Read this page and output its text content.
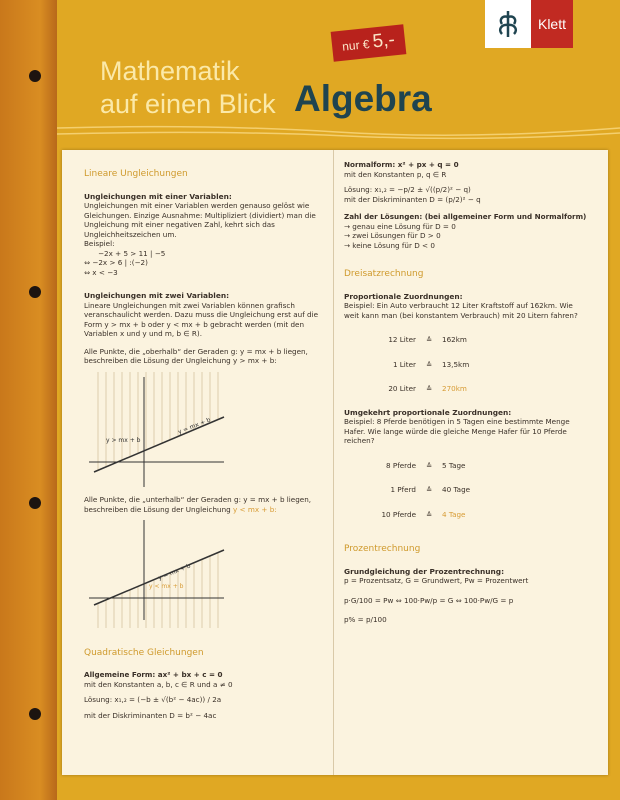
Klett
nur € 5,-
Mathematik
auf einen Blick Algebra
Lineare Ungleichungen
Ungleichungen mit einer Variablen:

Ungleichungen mit einer Variablen werden genauso gelöst wie Gleichungen. Einzige Ausnahme: Multipliziert (dividiert) man die Ungleichung mit einer negativen Zahl, kehrt sich das Ungleichheitszeichen um.

Beispiel:

−2x + 5 > 11 | −5

⇔ −2x > 6 | :(−2)

⇔ x < −3

Ungleichungen mit zwei Variablen:

Lineare Ungleichungen mit zwei Variablen können grafisch veranschaulicht werden. Dazu muss die Ungleichung erst auf die Form y > mx + b oder y < mx + b gebracht werden (mit den Variablen x und y und m, b ∈ R).

Alle Punkte, die „oberhalb“ der Geraden g: y = mx + b liegen, beschreiben die Lösung der Ungleichung y > mx + b:

y > mx + b
y = mx + b

Alle Punkte, die „unterhalb“ der Geraden g: y = mx + b liegen, beschreiben die Lösung der Ungleichung y < mx + b:

y = mx + b
y < mx + b
Quadratische Gleichungen

Allgemeine Form: ax² + bx + c = 0

mit den Konstanten a, b, c ∈ R und a ≠ 0

Lösung: x₁,₂ = (−b ± √(b² − 4ac)) / 2a

mit der Diskriminanten D = b² − 4ac

Normalform: x² + px + q = 0

mit den Konstanten p, q ∈ R

Lösung: x₁,₂ = −p/2 ± √((p/2)² − q)

mit der Diskriminanten D = (p/2)² − q

Zahl der Lösungen: (bei allgemeiner Form und Normalform)

→ genau eine Lösung für D = 0

→ zwei Lösungen für D > 0

→ keine Lösung für D < 0

Dreisatzrechnung
Proportionale Zuordnungen:

Beispiel: Ein Auto verbraucht 12 Liter Kraftstoff auf 162km. Wie weit kann man (bei konstantem Verbrauch) mit 20 Litern fahren?

12 Liter ≙ 162km
1 Liter ≙ 13,5km
20 Liter ≙ 270km
Umgekehrt proportionale Zuordnungen:

Beispiel: 8 Pferde benötigen in 5 Tagen eine bestimmte Menge Hafer. Wie lange würde die gleiche Menge Hafer für 10 Pferde reichen?

8 Pferde ≙ 5 Tage
1 Pferd ≙ 40 Tage
10 Pferde ≙ 4 Tage
Prozentrechnung
Grundgleichung der Prozentrechnung:

p = Prozentsatz, G = Grundwert, Pw = Prozentwert

p·G/100 = Pw ⇔ 100·Pw/p = G ⇔ 100·Pw/G = p

p% = p/100
